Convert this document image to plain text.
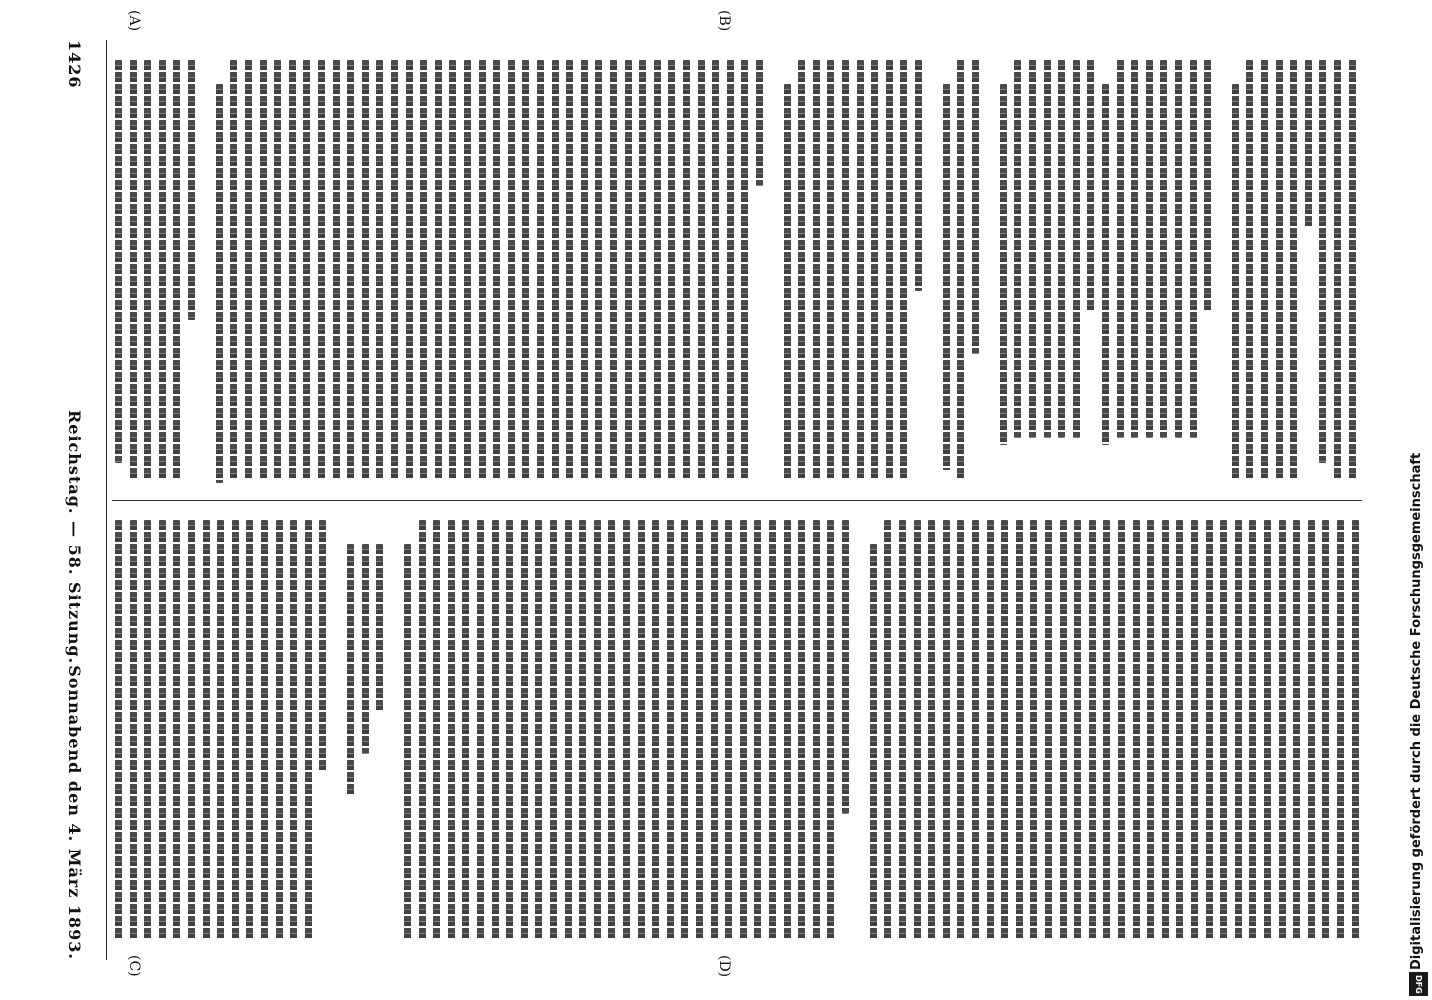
1426
Reichstag. — 58. Sitzung.
Sonnabend den 4. März 1893.
(A)	(B)
(C)	(D)	Digitalisierung gefördert durch die Deutsche Forschungsgemeinschaft
DFG
